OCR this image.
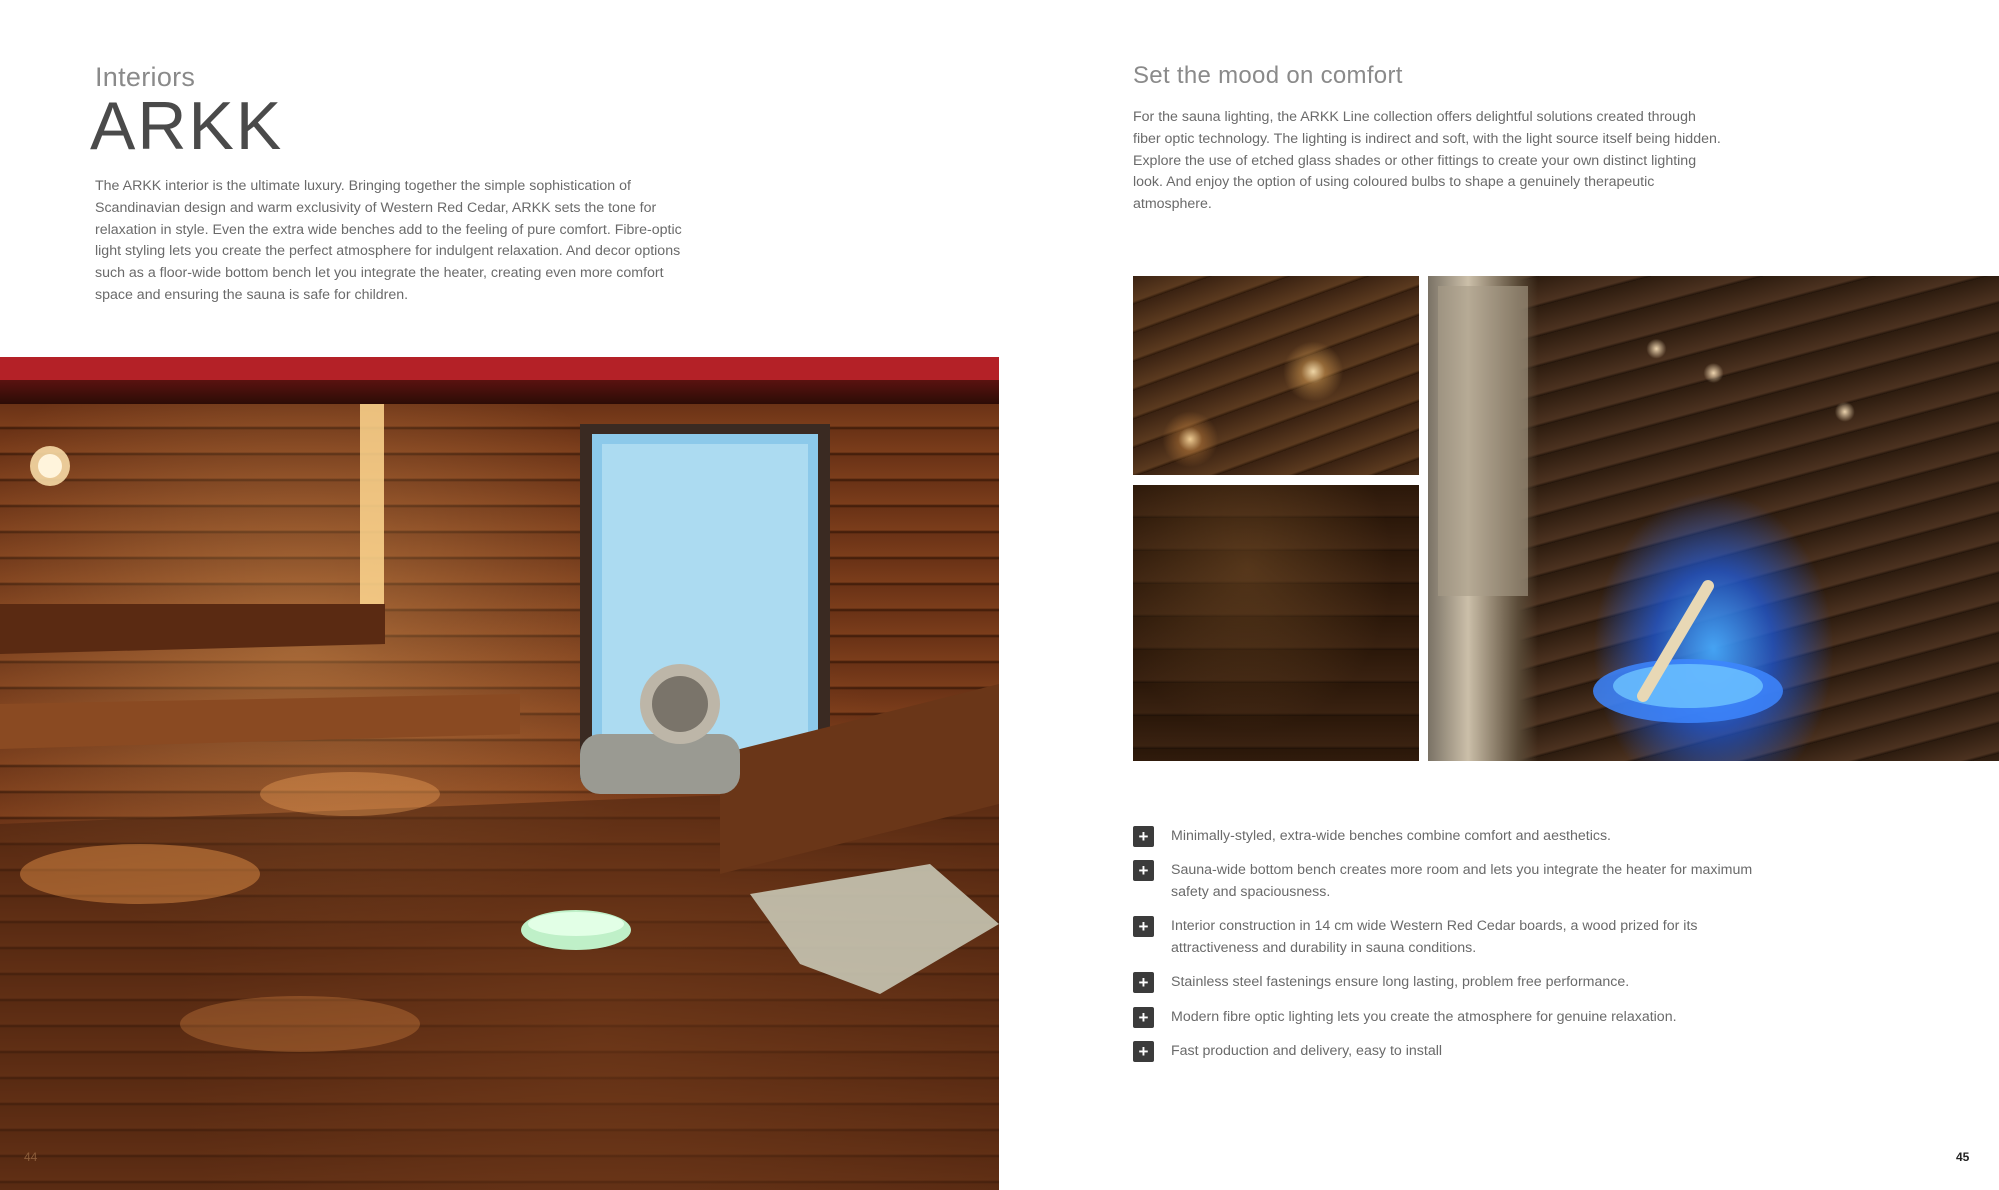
Interiors
ARKK
The ARKK interior is the ultimate luxury. Bringing together the simple sophistication of Scandinavian design and warm exclusivity of Western Red Cedar, ARKK sets the tone for relaxation in style. Even the extra wide benches add to the feeling of pure comfort. Fibre-optic light styling lets you create the perfect atmosphere for indulgent relaxation. And decor options such as a floor-wide bottom bench let you integrate the heater, creating even more comfort space and ensuring the sauna is safe for children.
44
Set the mood on comfort
For the sauna lighting, the ARKK Line collection offers delightful solutions created through fiber optic technology. The lighting is indirect and soft, with the light source itself being hidden. Explore the use of etched glass shades or other fittings to create your own distinct lighting look. And enjoy the option of using coloured bulbs to shape a genuinely therapeutic atmosphere.
+	Minimally-styled, extra-wide benches combine comfort and aesthetics.
+	Sauna-wide bottom bench creates more room and lets you integrate the heater for maximum safety and spaciousness.
+	Interior construction in 14 cm wide Western Red Cedar boards, a wood prized for its attractiveness and durability in sauna conditions.
+	Stainless steel fastenings ensure long lasting, problem free performance.
+	Modern fibre optic lighting lets you create the atmosphere for genuine relaxation.
+	Fast production and delivery, easy to install
45
